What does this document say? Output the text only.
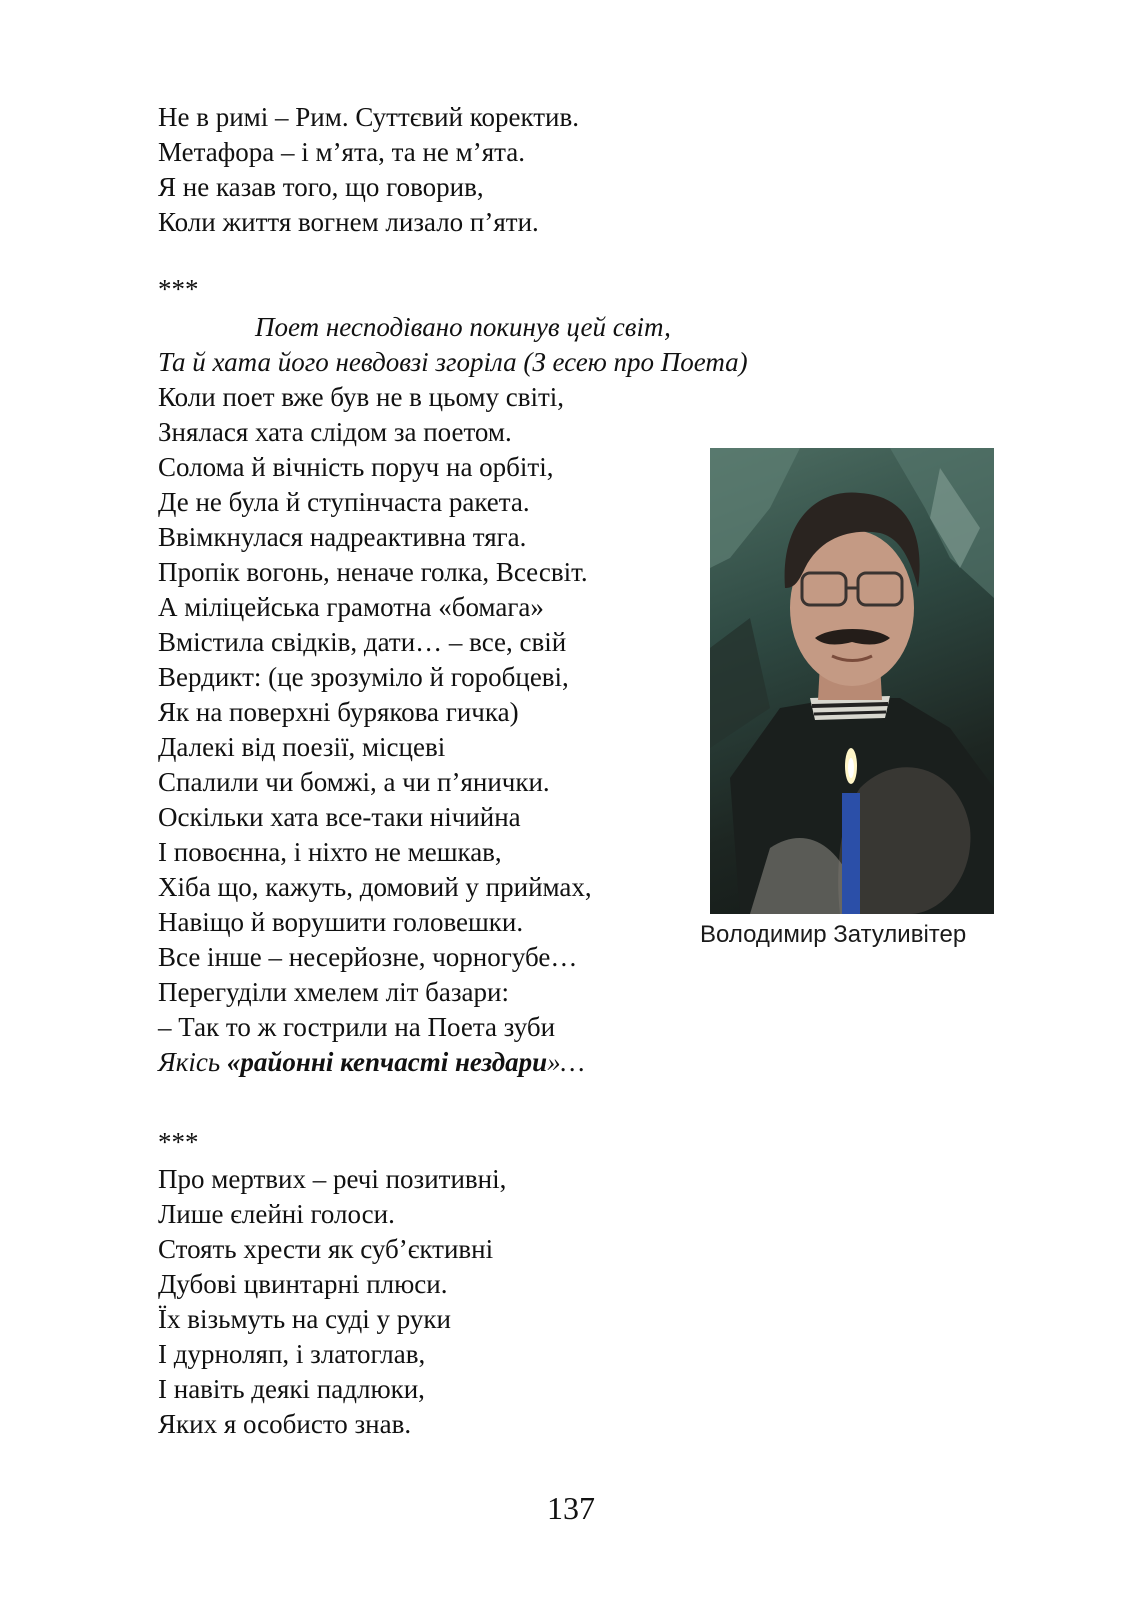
Не в римі – Рим. Суттєвий коректив.
Метафора – і м’ята, та не м’ята.
Я не казав того, що говорив,
Коли життя вогнем лизало п’яти.
***
Поет несподівано покинув цей світ,
Та й хата його невдовзі згоріла (З есею про Поета)
Коли поет вже був не в цьому світі,
Знялася хата слідом за поетом.
Солома й вічність поруч на орбіті,
Де не була й ступінчаста ракета.
Ввімкнулася надреактивна тяга.
Пропік вогонь, неначе голка, Всесвіт.
А міліцейська грамотна «бомага»
Вмістила свідків, дати… – все, свій
Вердикт: (це зрозуміло й горобцеві,
Як на поверхні бурякова гичка)
Далекі від поезії, місцеві
Спалили чи бомжі, а чи п’янички.
Оскільки хата все-таки нічийна
І повоєнна, і ніхто не мешкав,
Хіба що, кажуть, домовий у приймах,
Навіщо й ворушити головешки.
Все інше – несерйозне, чорногубе…
Перегуділи хмелем літ базари:
– Так то ж гострили на Поета зуби
Якісь «районні кепчасті нездари»…
Володимир Затуливітер
***
Про мертвих – речі позитивні,
Лише єлейні голоси.
Стоять хрести як суб’єктивні
Дубові цвинтарні плюси.
Їх візьмуть на суді у руки
І дурноляп, і златоглав,
І навіть деякі падлюки,
Яких я особисто знав.
137
